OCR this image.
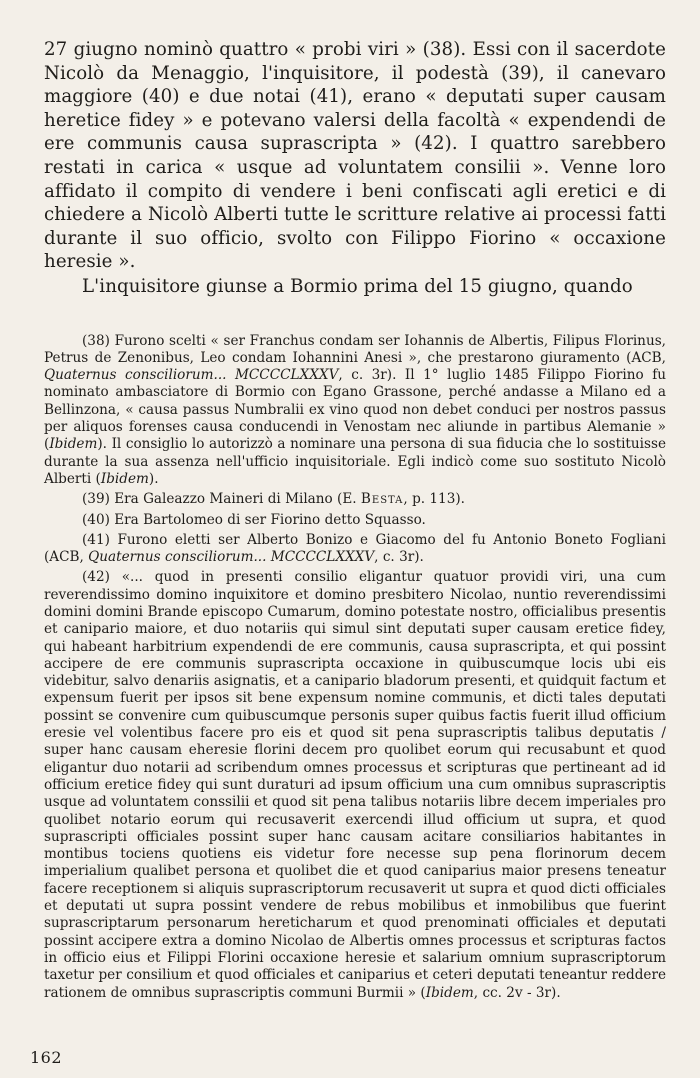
27 giugno nominò quattro « probi viri » (38). Essi con il sacerdote Nicolò da Menaggio, l'inquisitore, il podestà (39), il canevaro maggiore (40) e due notai (41), erano « deputati super causam heretice fidey » e potevano valersi della facoltà « expendendi de ere communis causa suprascripta » (42). I quattro sarebbero restati in carica « usque ad voluntatem consilii ». Venne loro affidato il compito di vendere i beni confiscati agli eretici e di chiedere a Nicolò Alberti tutte le scritture relative ai processi fatti durante il suo officio, svolto con Filippo Fiorino « occaxione heresie ».

L'inquisitore giunse a Bormio prima del 15 giugno, quando

(38) Furono scelti « ser Franchus condam ser Iohannis de Albertis, Filipus Florinus, Petrus de Zenonibus, Leo condam Iohannini Anesi », che prestarono giuramento (ACB, Quaternus consciliorum... MCCCCLXXXV, c. 3r). Il 1° luglio 1485 Filippo Fiorino fu nominato ambasciatore di Bormio con Egano Grassone, perché andasse a Milano ed a Bellinzona, « causa passus Numbralii ex vino quod non debet conduci per nostros passus per aliquos forenses causa conducendi in Venostam nec aliunde in partibus Alemanie » (Ibidem). Il consiglio lo autorizzò a nominare una persona di sua fiducia che lo sostituisse durante la sua assenza nell'ufficio inquisitoriale. Egli indicò come suo sostituto Nicolò Alberti (Ibidem).

(39) Era Galeazzo Maineri di Milano (E. Besta, p. 113).

(40) Era Bartolomeo di ser Fiorino detto Squasso.

(41) Furono eletti ser Alberto Bonizo e Giacomo del fu Antonio Boneto Fogliani (ACB, Quaternus consciliorum... MCCCCLXXXV, c. 3r).

(42) «... quod in presenti consilio eligantur quatuor providi viri, una cum reverendissimo domino inquixitore et domino presbitero Nicolao, nuntio reverendissimi domini domini Brande episcopo Cumarum, domino potestate nostro, officialibus presentis et canipario maiore, et duo notariis qui simul sint deputati super causam eretice fidey, qui habeant harbitrium expendendi de ere communis, causa suprascripta, et qui possint accipere de ere communis suprascripta occaxione in quibuscumque locis ubi eis videbitur, salvo denariis asignatis, et a canipario bladorum presenti, et quidquit factum et expensum fuerit per ipsos sit bene expensum nomine communis, et dicti tales deputati possint se convenire cum quibuscumque personis super quibus factis fuerit illud officium eresie vel volentibus facere pro eis et quod sit pena suprascriptis talibus deputatis / super hanc causam eheresie florini decem pro quolibet eorum qui recusabunt et quod eligantur duo notarii ad scribendum omnes processus et scripturas que pertineant ad id officium eretice fidey qui sunt duraturi ad ipsum officium una cum omnibus suprascriptis usque ad voluntatem conssilii et quod sit pena talibus notariis libre decem imperiales pro quolibet notario eorum qui recusaverit exercendi illud officium ut supra, et quod suprascripti officiales possint super hanc causam acitare consiliarios habitantes in montibus tociens quotiens eis videtur fore necesse sup pena florinorum decem imperialium qualibet persona et quolibet die et quod caniparius maior presens teneatur facere receptionem si aliquis suprascriptorum recusaverit ut supra et quod dicti officiales et deputati ut supra possint vendere de rebus mobilibus et inmobilibus que fuerint suprascriptarum personarum hereticharum et quod prenominati officiales et deputati possint accipere extra a domino Nicolao de Albertis omnes processus et scripturas factos in officio eius et Filippi Florini occaxione heresie et salarium omnium suprascriptorum taxetur per consilium et quod officiales et caniparius et ceteri deputati teneantur reddere rationem de omnibus suprascriptis communi Burmii » (Ibidem, cc. 2v - 3r).

162
